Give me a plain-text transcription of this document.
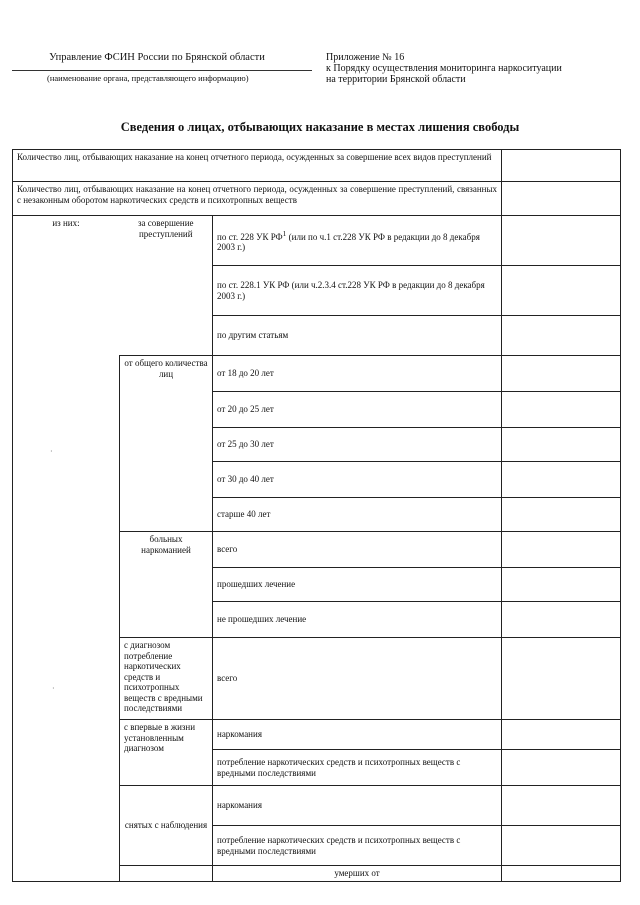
Управление ФСИН России по Брянской области
(наименование органа, представляющего информацию)
Приложение № 16
к Порядку осуществления мониторинга наркоситуации
на территории Брянской области
Сведения о лицах, отбывающих наказание в местах лишения свободы
Количество лиц, отбывающих наказание на конец отчетного периода, осужденных за совершение всех видов преступлений				
Количество лиц, отбывающих наказание на конец отчетного периода, осужденных за совершение преступлений, связанных с незаконным оборотом наркотических средств и психотропных веществ				
из них:	за совершение преступлений	по ст. 228 УК $РФ^1$ (или по ч.1 ст.228 УК РФ в редакции до 8 декабря 2003 г.)		
		по ст. 228.1 УК РФ (или ч.2.3.4 ст.228 УК РФ в редакции до 8 декабря 2003 г.)		
		по другим статьям		
	от общего количества лиц	от 18 до 20 лет		
		от 20 до 25 лет		
		от 25 до 30 лет		
		от 30 до 40 лет		
		старше 40 лет		
	больных наркоманией	всего		
		прошедших лечение		
		не прошедших лечение		
	с диагнозом потребление наркотических средств и психотропных веществ с вредными последствиями	всего		
	с впервые в жизни установленным диагнозом	наркомания		
		потребление наркотических средств и психотропных веществ с вредными последствиями		
	снятых с наблюдения	наркомания		
		потребление наркотических средств и психотропных веществ с вредными последствиями		
		умерших от		
·
·
